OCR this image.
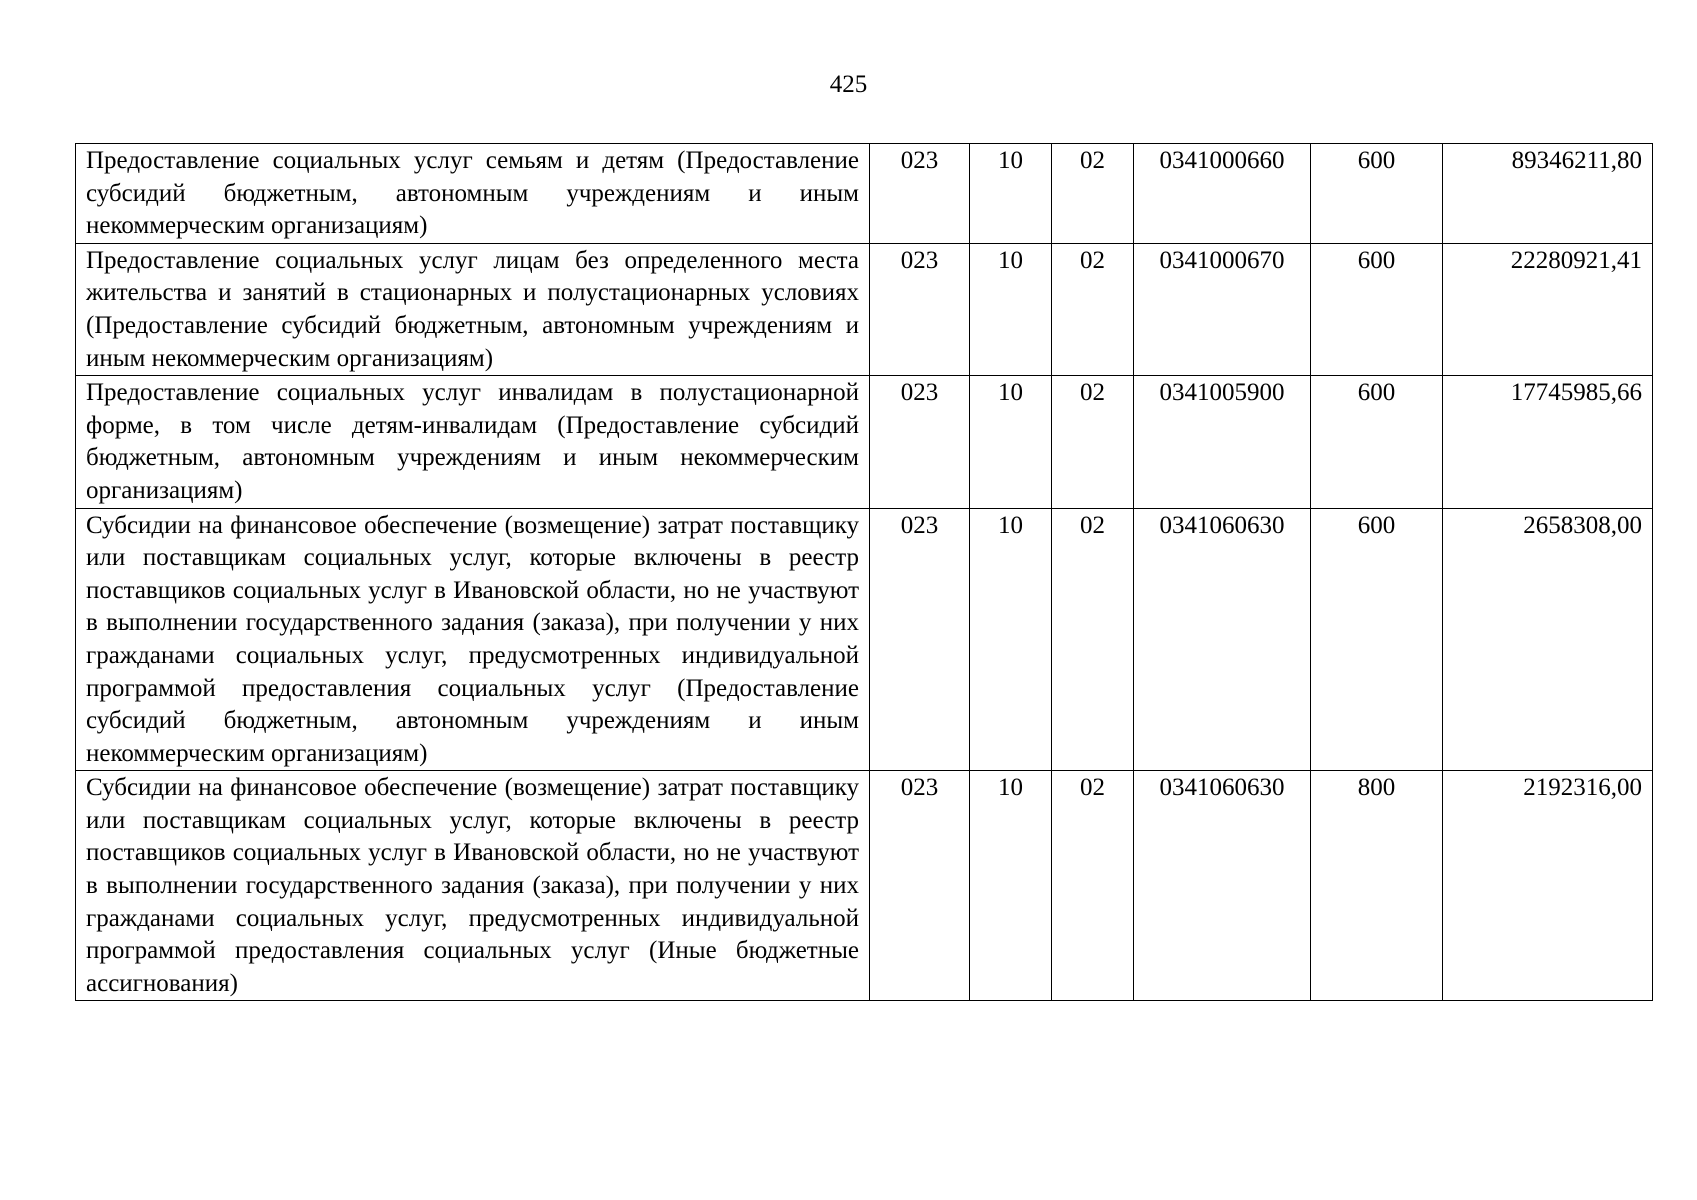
425
Предоставление социальных услуг семьям и детям (Предоставление субсидий бюджетным, автономным учреждениям и иным некоммерческим организациям)	023	10	02	0341000660	600	89346211,80
Предоставление социальных услуг лицам без определенного места жительства и занятий в стационарных и полустационарных условиях (Предоставление субсидий бюджетным, автономным учреждениям и иным некоммерческим организациям)	023	10	02	0341000670	600	22280921,41
Предоставление социальных услуг инвалидам в полустационарной форме, в том числе детям-инвалидам (Предоставление субсидий бюджетным, автономным учреждениям и иным некоммерческим организациям)	023	10	02	0341005900	600	17745985,66
Субсидии на финансовое обеспечение (возмещение) затрат поставщику или поставщикам социальных услуг, которые включены в реестр поставщиков социальных услуг в Ивановской области, но не участвуют в выполнении государственного задания (заказа), при получении у них гражданами социальных услуг, предусмотренных индивидуальной программой предоставления социальных услуг (Предоставление субсидий бюджетным, автономным учреждениям и иным некоммерческим организациям)	023	10	02	0341060630	600	2658308,00
Субсидии на финансовое обеспечение (возмещение) затрат поставщику или поставщикам социальных услуг, которые включены в реестр поставщиков социальных услуг в Ивановской области, но не участвуют в выполнении государственного задания (заказа), при получении у них гражданами социальных услуг, предусмотренных индивидуальной программой предоставления социальных услуг (Иные бюджетные ассигнования)	023	10	02	0341060630	800	2192316,00
